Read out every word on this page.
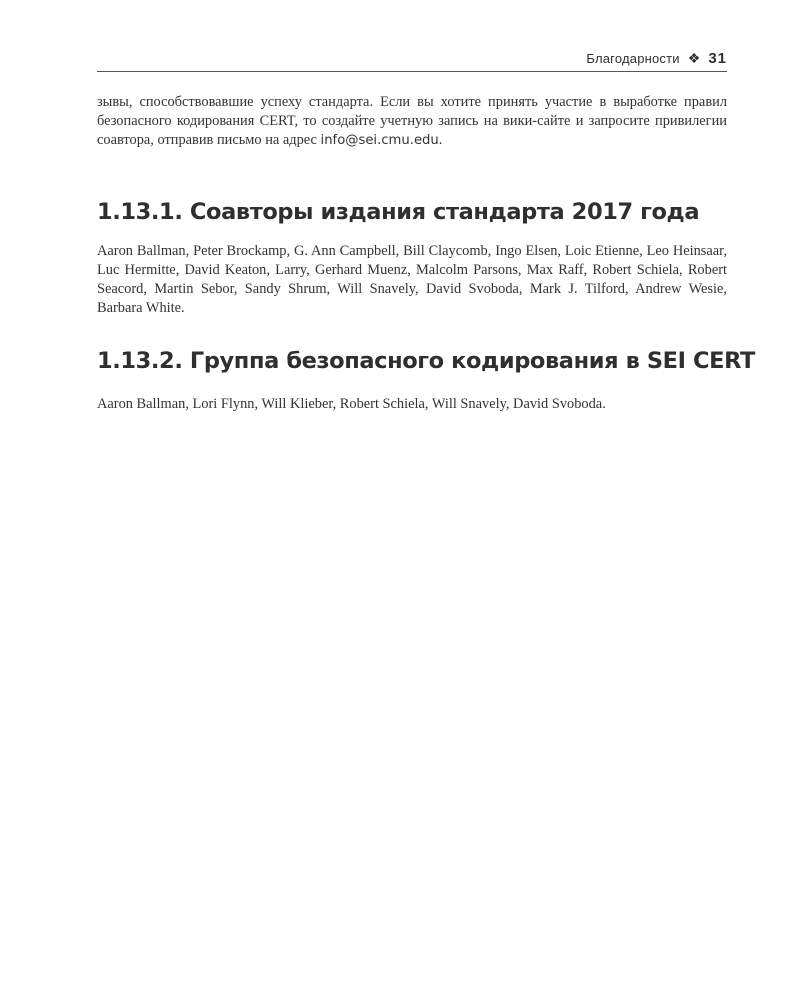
Благодарности ❖ 31

зывы, способствовавшие успеху стандарта. Если вы хотите принять участие в выработке правил безопасного кодирования CERT, то создайте учетную запись на вики-сайте и запросите привилегии соавтора, отправив письмо на адрес info@sei.cmu.edu.

1.13.1. Соавторы издания стандарта 2017 года

Aaron Ballman, Peter Brockamp, G. Ann Campbell, Bill Claycomb, Ingo Elsen, Loic Etienne, Leo Heinsaar, Luc Hermitte, David Keaton, Larry, Gerhard Muenz, Malcolm Parsons, Max Raff, Robert Schiela, Robert Seacord, Martin Sebor, Sandy Shrum, Will Snavely, David Svoboda, Mark J. Tilford, Andrew Wesie, Barbara White.

1.13.2. Группа безопасного кодирования в SEI CERT

Aaron Ballman, Lori Flynn, Will Klieber, Robert Schiela, Will Snavely, David Svoboda.
